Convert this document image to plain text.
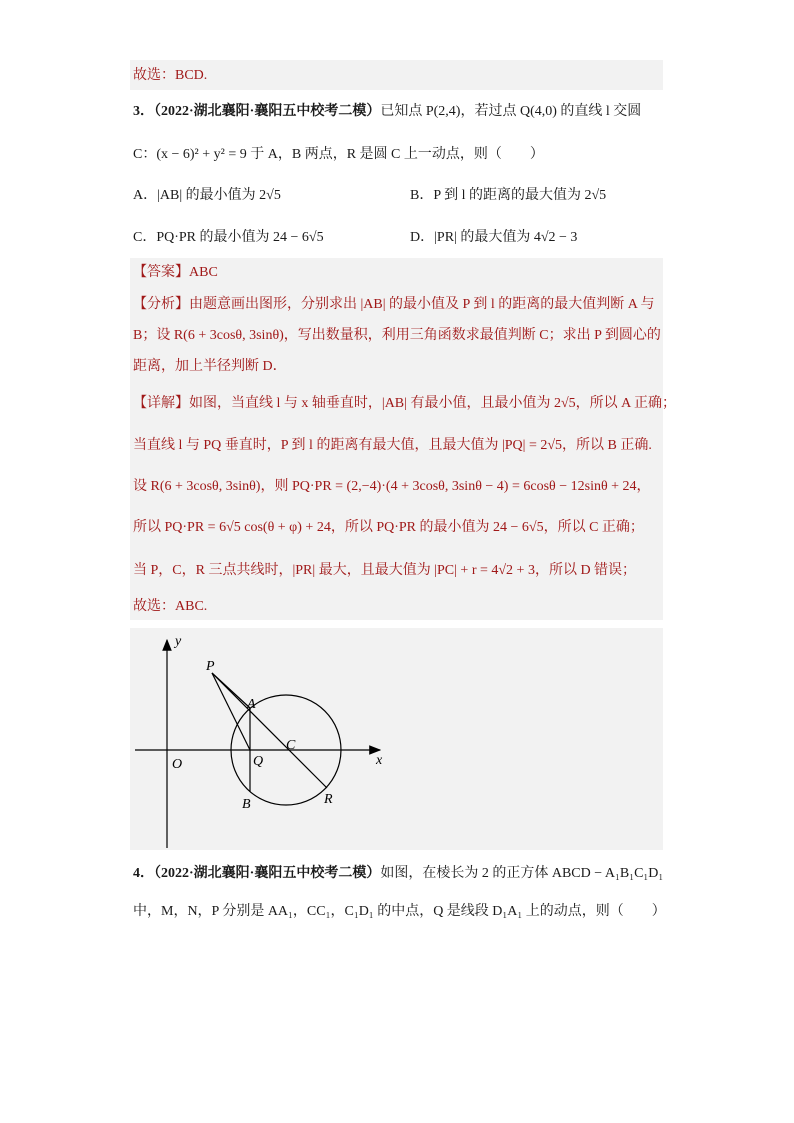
故选：BCD.
3．（2022·湖北襄阳·襄阳五中校考二模）已知点 P(2,4)，若过点 Q(4,0) 的直线 l 交圆
C：(x − 6)² + y² = 9 于 A，B 两点，R 是圆 C 上一动点，则（　　）
A．|AB| 的最小值为 2√5	B．P 到 l 的距离的最大值为 2√5
C．PQ·PR 的最小值为 24 − 6√5	D．|PR| 的最大值为 4√2 − 3
【答案】ABC
【分析】由题意画出图形，分别求出 |AB| 的最小值及 P 到 l 的距离的最大值判断 A 与
B；设 R(6 + 3cosθ, 3sinθ)，写出数量积，利用三角函数求最值判断 C；求出 P 到圆心的
距离，加上半径判断 D．
【详解】如图，当直线 l 与 x 轴垂直时，|AB| 有最小值，且最小值为 2√5，所以 A 正确；
当直线 l 与 PQ 垂直时，P 到 l 的距离有最大值，且最大值为 |PQ| = 2√5，所以 B 正确.
设 R(6 + 3cosθ, 3sinθ)，则 PQ·PR = (2,−4)·(4 + 3cosθ, 3sinθ − 4) = 6cosθ − 12sinθ + 24，
所以 PQ·PR = 6√5 cos(θ + φ) + 24，所以 PQ·PR 的最小值为 24 − 6√5，所以 C 正确；
当 P，C，R 三点共线时，|PR| 最大，且最大值为 |PC| + r = 4√2 + 3，所以 D 错误；
故选：ABC.
y
x
O
P
A
Q
C
B	R
4．（2022·湖北襄阳·襄阳五中校考二模）如图，在棱长为 2 的正方体 ABCD − A₁B₁C₁D₁
中，M，N，P 分别是 AA₁，CC₁，C₁D₁ 的中点，Q 是线段 D₁A₁ 上的动点，则（　　）
